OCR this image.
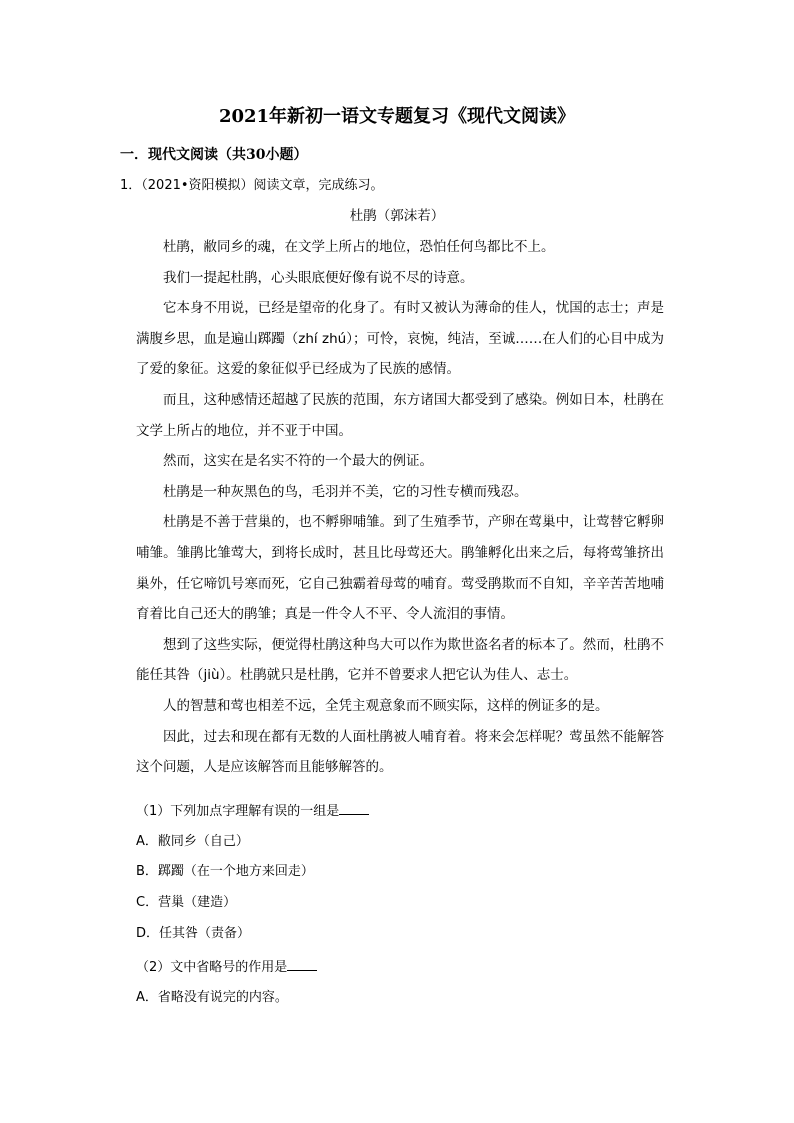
2021年新初一语文专题复习《现代文阅读》
一．现代文阅读（共30小题）
1．（2021•资阳模拟）阅读文章，完成练习。
杜鹃（郭沫若）

杜鹃，敝同乡的魂，在文学上所占的地位，恐怕任何鸟都比不上。

我们一提起杜鹃，心头眼底便好像有说不尽的诗意。

它本身不用说，已经是望帝的化身了。有时又被认为薄命的佳人，忧国的志士；声是满腹乡思，血是遍山踯躅（zhí zhú）；可怜，哀惋，纯洁，至诚……在人们的心目中成为了爱的象征。这爱的象征似乎已经成为了民族的感情。

而且，这种感情还超越了民族的范围，东方诸国大都受到了感染。例如日本，杜鹃在文学上所占的地位，并不亚于中国。

然而，这实在是名实不符的一个最大的例证。

杜鹃是一种灰黑色的鸟，毛羽并不美，它的习性专横而残忍。

杜鹃是不善于营巢的，也不孵卵哺雏。到了生殖季节，产卵在莺巢中，让莺替它孵卵哺雏。雏鹃比雏莺大，到将长成时，甚且比母莺还大。鹃雏孵化出来之后，每将莺雏挤出巢外，任它啼饥号寒而死，它自己独霸着母莺的哺育。莺受鹃欺而不自知，辛辛苦苦地哺育着比自己还大的鹃雏；真是一件令人不平、令人流泪的事情。

想到了这些实际，便觉得杜鹃这种鸟大可以作为欺世盗名者的标本了。然而，杜鹃不能任其咎（jiù）。杜鹃就只是杜鹃，它并不曾要求人把它认为佳人、志士。

人的智慧和莺也相差不远，全凭主观意象而不顾实际，这样的例证多的是。

因此，过去和现在都有无数的人面杜鹃被人哺育着。将来会怎样呢？莺虽然不能解答这个问题，人是应该解答而且能够解答的。

（1）下列加点字理解有误的一组是
A．敝同乡（自己）
B．踯躅（在一个地方来回走）
C．营巢（建造）
D．任其咎（责备）
（2）文中省略号的作用是
A．省略没有说完的内容。
